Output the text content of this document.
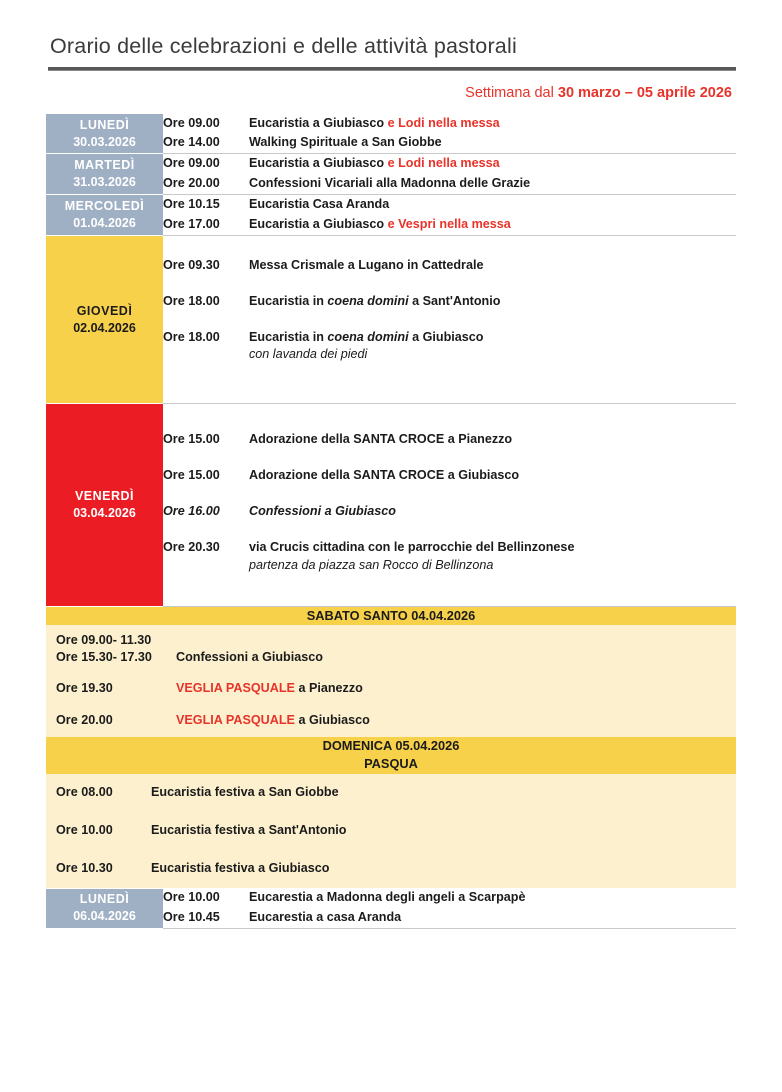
Orario delle celebrazioni e delle attività pastorali
Settimana dal 30 marzo – 05 aprile 2026
LUNEDÌ
30.03.2026

Ore 09.00	Eucaristia a Giubiasco e Lodi nella messa
Ore 14.00	Walking Spirituale a San Giobbe

MARTEDÌ
31.03.2026

Ore 09.00	Eucaristia a Giubiasco e Lodi nella messa
Ore 20.00	Confessioni Vicariali alla Madonna delle Grazie

MERCOLEDÌ
01.04.2026

Ore 10.15	Eucaristia Casa Aranda
Ore 17.00	Eucaristia a Giubiasco e Vespri nella messa

GIOVEDÌ
02.04.2026

Ore 09.30	Messa Crismale a Lugano in Cattedrale
Ore 18.00	Eucaristia in coena domini a Sant'Antonio
Ore 18.00	Eucaristia in coena domini a Giubiasco
con lavanda dei piedi

VENERDÌ
03.04.2026

Ore 15.00	Adorazione della SANTA CROCE a Pianezzo
Ore 15.00	Adorazione della SANTA CROCE a Giubiasco
Ore 16.00	Confessioni a Giubiasco
Ore 20.30	via Crucis cittadina con le parrocchie del Bellinzonese
partenza da piazza san Rocco di Bellinzona

SABATO SANTO 04.04.2026	

Ore 09.00- 11.30
Ore 15.30- 17.30	Confessioni a Giubiasco
Ore 19.30	VEGLIA PASQUALE a Pianezzo
Ore 20.00	VEGLIA PASQUALE a Giubiasco

DOMENICA 05.04.2026
PASQUA	

Ore 08.00	Eucaristia festiva a San Giobbe
Ore 10.00	Eucaristia festiva a Sant'Antonio
Ore 10.30	Eucaristia festiva a Giubiasco

LUNEDÌ
06.04.2026

Ore 10.00	Eucarestia a Madonna degli angeli a Scarpapè
Ore 10.45	Eucarestia a casa Aranda
